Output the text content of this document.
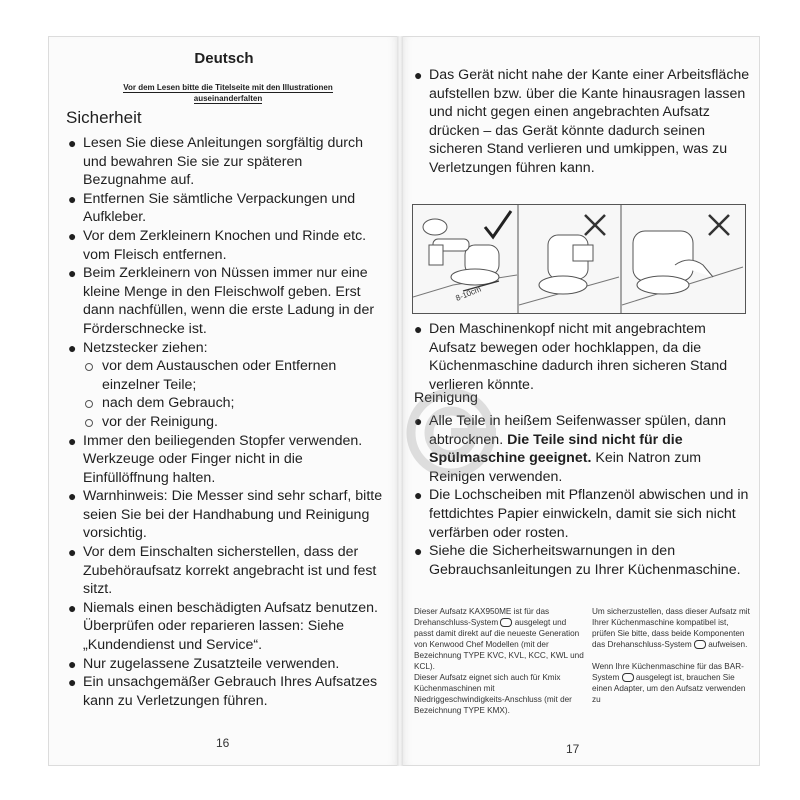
Deutsch
Vor dem Lesen bitte die Titelseite mit den Illustrationen
auseinanderfalten
Sicherheit
● Lesen Sie diese Anleitungen sorgfältig durch und bewahren Sie sie zur späteren Bezugnahme auf.
● Entfernen Sie sämtliche Verpackungen und Aufkleber.
● Vor dem Zerkleinern Knochen und Rinde etc. vom Fleisch entfernen.
● Beim Zerkleinern von Nüssen immer nur eine kleine Menge in den Fleischwolf geben. Erst dann nachfüllen, wenn die erste Ladung in der Förderschnecke ist.
● Netzstecker ziehen:
vor dem Austauschen oder Entfernen einzelner Teile;
nach dem Gebrauch;
vor der Reinigung.
● Immer den beiliegenden Stopfer verwenden. Werkzeuge oder Finger nicht in die Einfüllöffnung halten.
● Warnhinweis: Die Messer sind sehr scharf, bitte seien Sie bei der Handhabung und Reinigung vorsichtig.
● Vor dem Einschalten sicherstellen, dass der Zubehöraufsatz korrekt angebracht ist und fest sitzt.
● Niemals einen beschädigten Aufsatz benutzen. Überprüfen oder reparieren lassen: Siehe „Kundendienst und Service“.
● Nur zugelassene Zusatzteile verwenden.
● Ein unsachgemäßer Gebrauch Ihres Aufsatzes kann zu Verletzungen führen.
16
● Das Gerät nicht nahe der Kante einer Arbeitsfläche aufstellen bzw. über die Kante hinausragen lassen und nicht gegen einen angebrachten Aufsatz drücken – das Gerät könnte dadurch seinen sicheren Stand verlieren und umkippen, was zu Verletzungen führen kann.
8-10cm
● Den Maschinenkopf nicht mit angebrachtem Aufsatz bewegen oder hochklappen, da die Küchenmaschine dadurch ihren sicheren Stand verlieren könnte.
Reinigung
● Alle Teile in heißem Seifenwasser spülen, dann abtrocknen. Die Teile sind nicht für die Spülmaschine geeignet. Kein Natron zum Reinigen verwenden.
● Die Lochscheiben mit Pflanzenöl abwischen und in fettdichtes Papier einwickeln, damit sie sich nicht verfärben oder rosten.
● Siehe die Sicherheitswarnungen in den Gebrauchsanleitungen zu Ihrer Küchenmaschine.
Dieser Aufsatz KAX950ME ist für das Drehanschluss-System ausgelegt und passt damit direkt auf die neueste Generation von Kenwood Chef Modellen (mit der Bezeichnung TYPE KVC, KVL, KCC, KWL und KCL).
Dieser Aufsatz eignet sich auch für Kmix Küchenmaschinen mit Niedriggeschwindigkeits-Anschluss (mit der Bezeichnung TYPE KMX).
Um sicherzustellen, dass dieser Aufsatz mit Ihrer Küchenmaschine kompatibel ist, prüfen Sie bitte, dass beide Komponenten das Drehanschluss-System aufweisen.

Wenn Ihre Küchenmaschine für das BAR-System ausgelegt ist, brauchen Sie einen Adapter, um den Aufsatz verwenden zu
17
